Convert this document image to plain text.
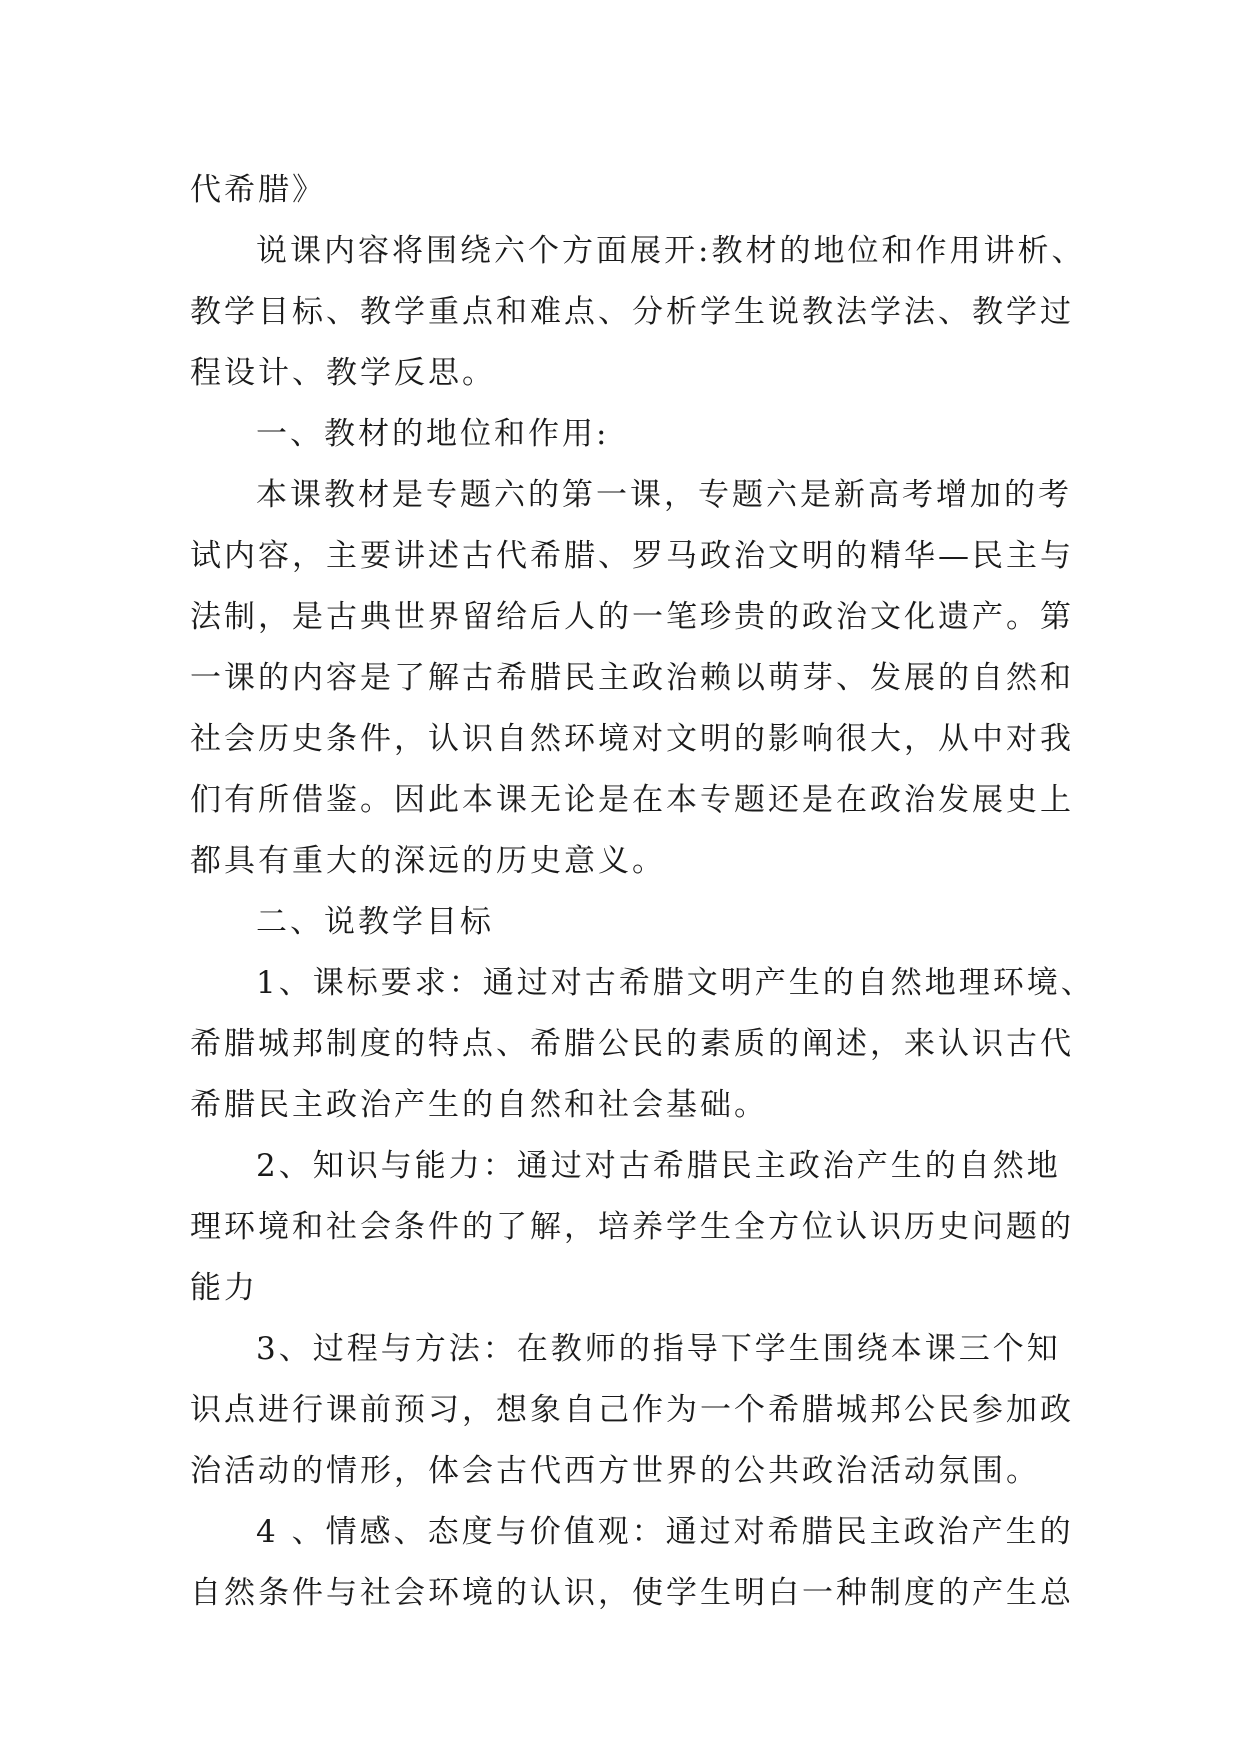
代希腊》
说课内容将围绕六个方面展开:教材的地位和作用讲析、
教学目标、教学重点和难点、分析学生说教法学法、教学过
程设计、教学反思。
一、教材的地位和作用:
本课教材是专题六的第一课，专题六是新高考增加的考
试内容，主要讲述古代希腊、罗马政治文明的精华—民主与
法制，是古典世界留给后人的一笔珍贵的政治文化遗产。第
一课的内容是了解古希腊民主政治赖以萌芽、发展的自然和
社会历史条件，认识自然环境对文明的影响很大，从中对我
们有所借鉴。因此本课无论是在本专题还是在政治发展史上
都具有重大的深远的历史意义。
二、说教学目标
1、课标要求：通过对古希腊文明产生的自然地理环境、
希腊城邦制度的特点、希腊公民的素质的阐述，来认识古代
希腊民主政治产生的自然和社会基础。
2、知识与能力：通过对古希腊民主政治产生的自然地
理环境和社会条件的了解，培养学生全方位认识历史问题的
能力
3、过程与方法：在教师的指导下学生围绕本课三个知
识点进行课前预习，想象自己作为一个希腊城邦公民参加政
治活动的情形，体会古代西方世界的公共政治活动氛围。
4 、情感、态度与价值观：通过对希腊民主政治产生的
自然条件与社会环境的认识，使学生明白一种制度的产生总
